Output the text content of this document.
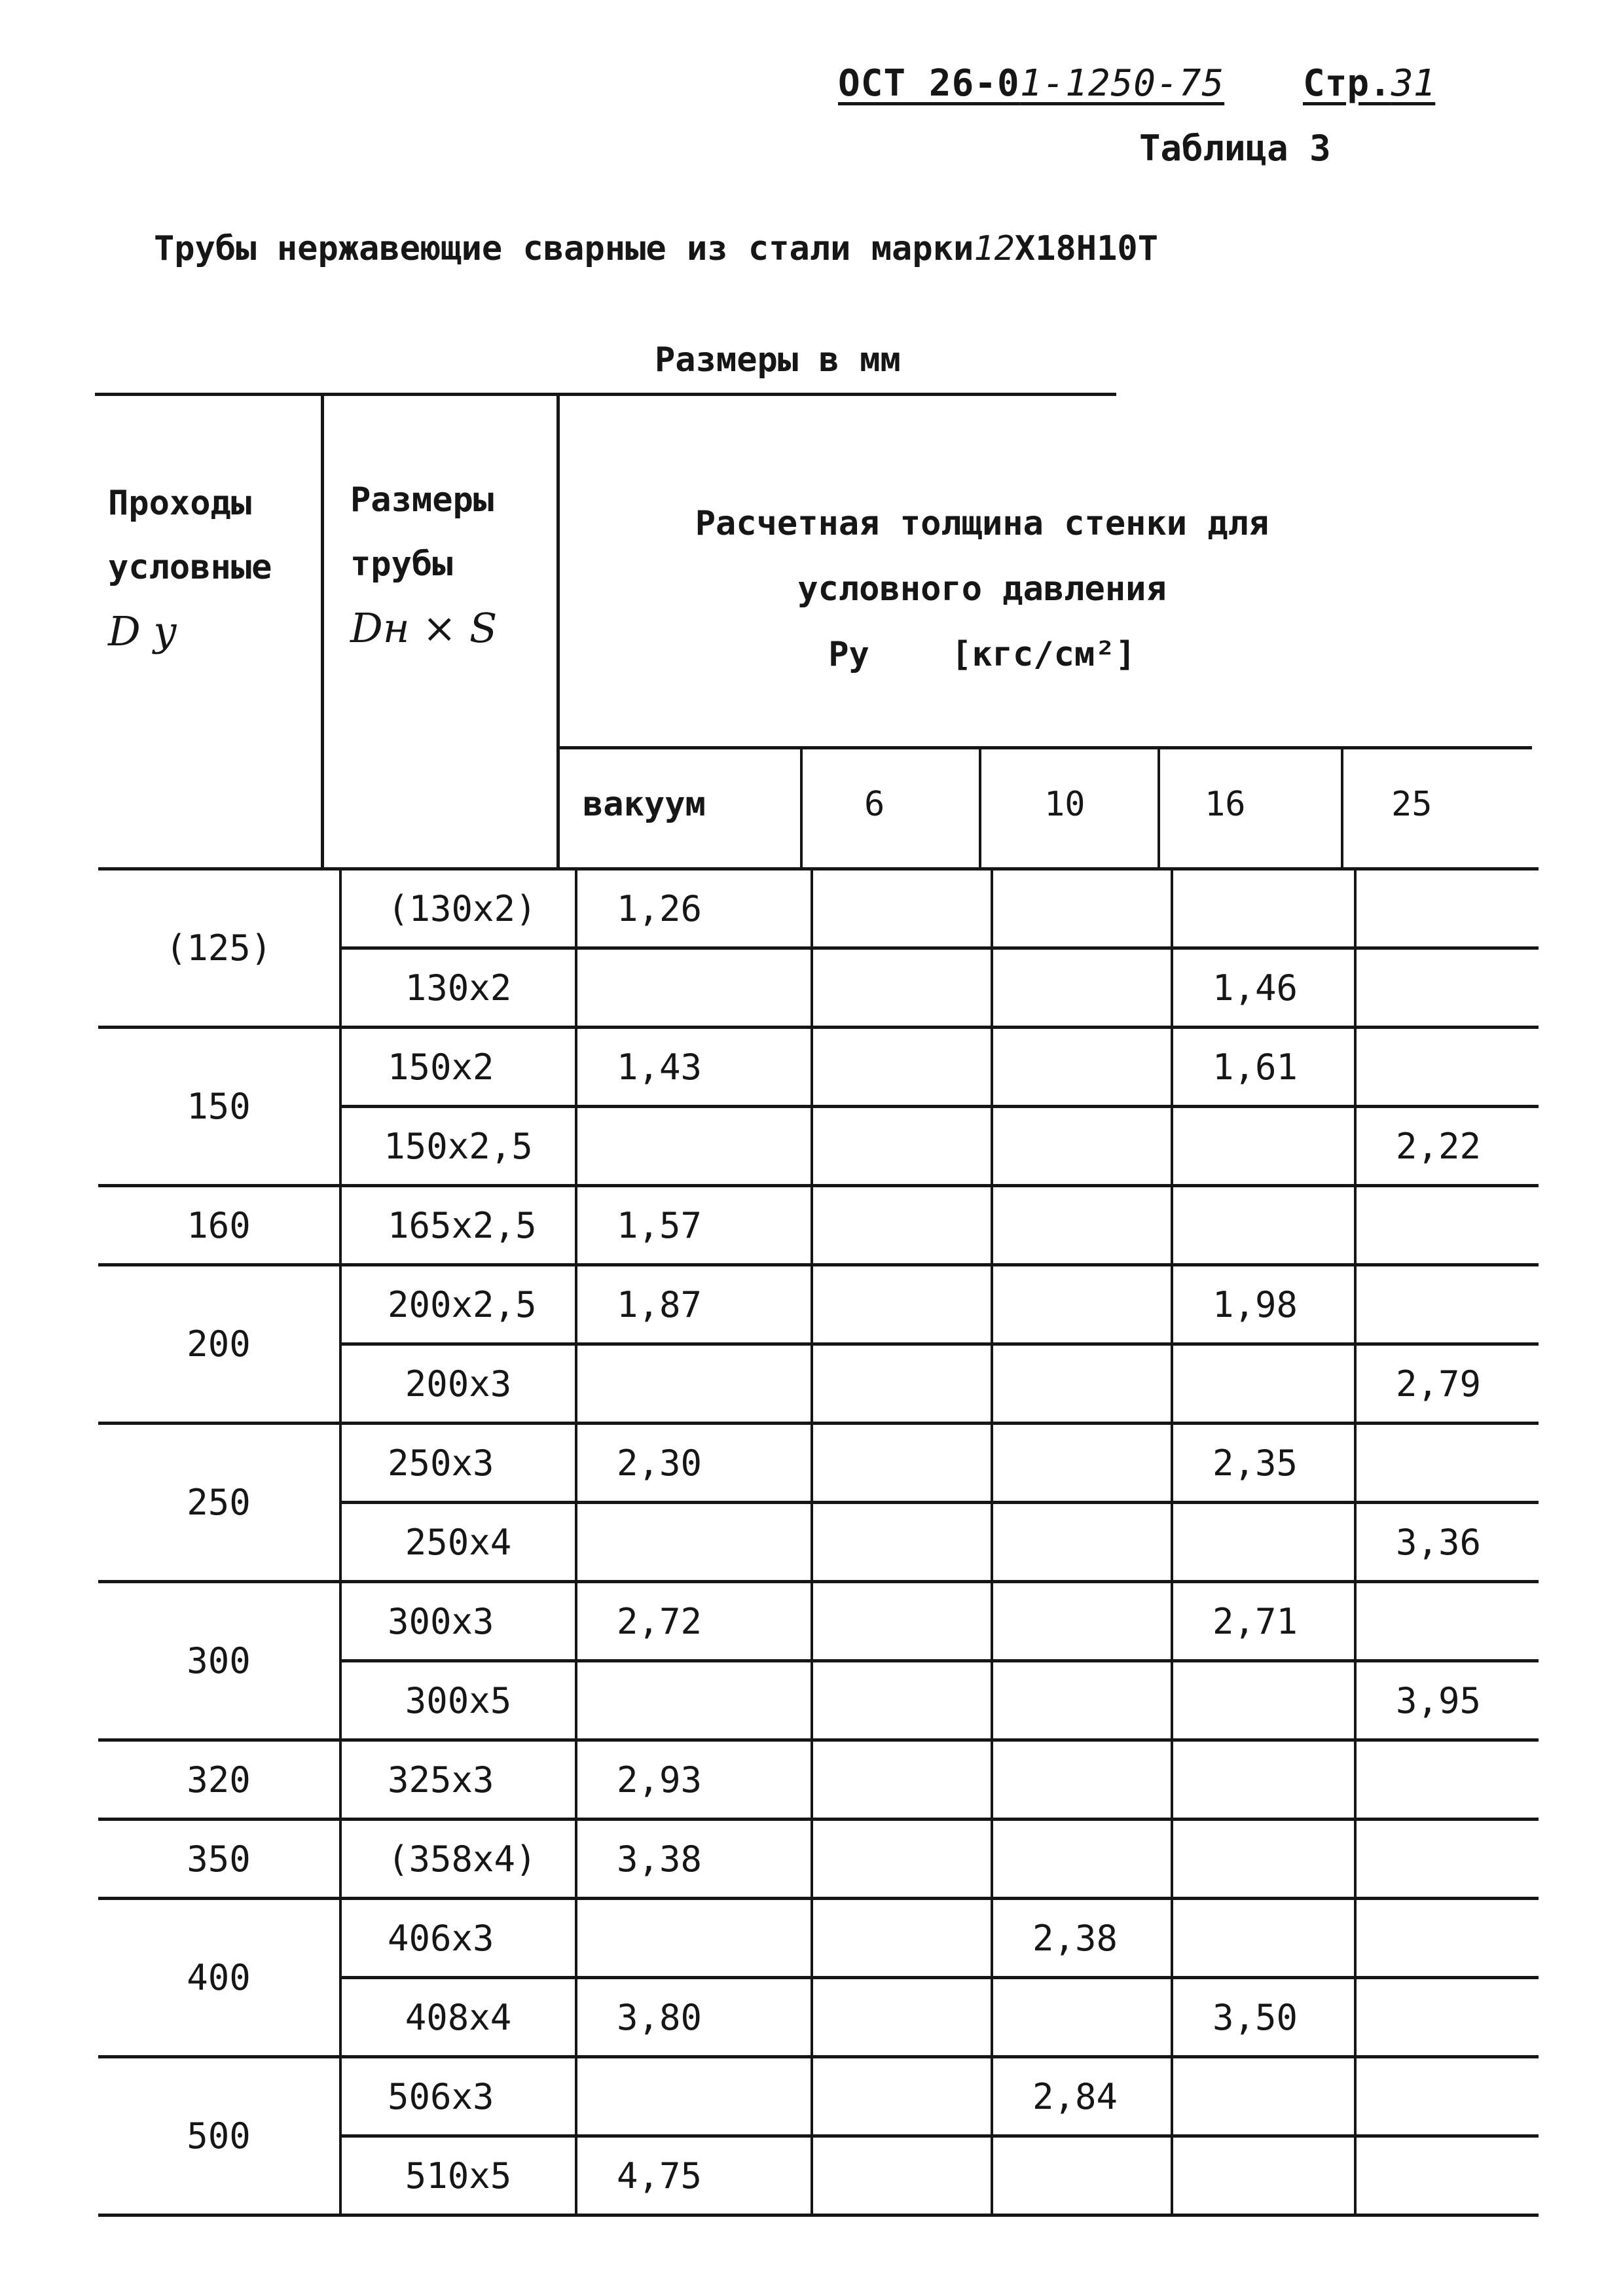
ОСТ 26-01-1250-75 Стр.31
Таблица 3
Трубы нержавеющие сварные из стали марки12Х18Н10Т
Размеры в мм
Проходы условные
D у
Размеры трубы
Dн × S
Расчетная толщина стенки для условного давления
Ру [кгс/см²]
вакуум	6	10	16	25
(125)	(130х2)	1,26				
	130х2				1,46	
150	150х2	1,43			1,61	
	150х2,5					2,22
160	165х2,5	1,57				
200	200х2,5	1,87			1,98	
	200х3					2,79
250	250х3	2,30			2,35	
	250х4					3,36
300	300х3	2,72			2,71	
	300х5					3,95
320	325х3	2,93				
350	(358х4)	3,38				
400	406х3			2,38		
	408х4	3,80			3,50	
500	506х3			2,84		
	510х5	4,75				
